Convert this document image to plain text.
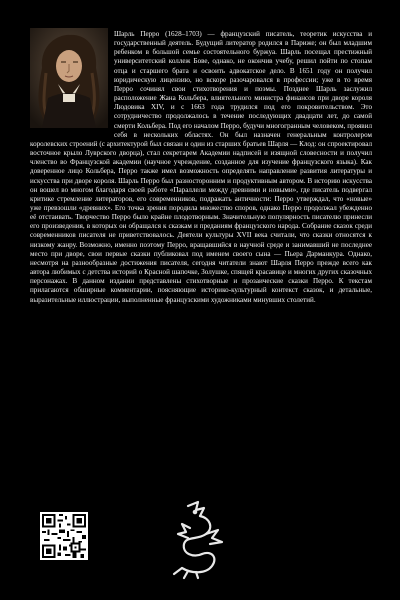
Шарль Перро (1628–1703) — французский писатель, теоретик искусства и государственный деятель. Будущий литератор родился в Париже; он был младшим ребенком в большой семье состоятельного буржуа. Шарль посещал престижный университетский коллеж Бове, однако, не окончив учебу, решил пойти по стопам отца и старшего брата и освоить адвокатское дело. В 1651 году он получил юридическую лицензию, но вскоре разочаровался в профессии; уже в то время Перро сочинял свои стихотворения и поэмы. Позднее Шарль заслужил расположение Жана Кольбера, влиятельного министра финансов при дворе короля Людовика XIV, и с 1663 года трудился под его покровительством. Это сотрудничество продолжалось в течение последующих двадцати лет, до самой смерти Кольбера. Под его началом Перро, будучи многогранным человеком, проявил себя в нескольких областях. Он был назначен генеральным контролером королевских строений (с архитектурой был связан и один из старших братьев Шарля — Клод: он спроектировал восточное крыло Луврского дворца), стал секретарем Академии надписей и изящной словесности и получил членство во Французской академии (научное учреждение, созданное для изучение французского языка). Как доверенное лицо Кольбера, Перро также имел возможность определять направление развития литературы и искусства при дворе короля. Шарль Перро был разносторонним и продуктивным автором. В историю искусства он вошел во многом благодаря своей работе «Параллели между древними и новыми», где писатель подвергал критике стремление литераторов, его современников, подражать античности: Перро утверждал, что «новые» уже превзошли «древних». Его точка зрения породила множество споров, однако Перро продолжал убежденно её отстаивать. Творчество Перро было крайне плодотворным. Значительную популярность писателю принесли его произведения, в которых он обращался к сказкам и преданиям французского народа. Собрание сказок среди современников писателя не приветствовалось. Деятели культуры XVII века считали, что сказки относятся к низкому жанру. Возможно, именно поэтому Перро, вращавшийся в научной среде и занимавший не последнее место при дворе, свои первые сказки публиковал под именем своего сына — Пьера Дарманкура. Однако, несмотря на разнообразные достижения писателя, сегодня читатели знают Шарля Перро прежде всего как автора любимых с детства историй о Красной шапочке, Золушке, спящей красавице и многих других сказочных персонажах. В данном издании представлены стихотворные и прозаические сказки Перро. К текстам прилагаются обширные комментарии, поясняющие историко-культурный контекст сказок, и детальные, выразительные иллюстрации, выполненные французскими художниками минувших столетий.
